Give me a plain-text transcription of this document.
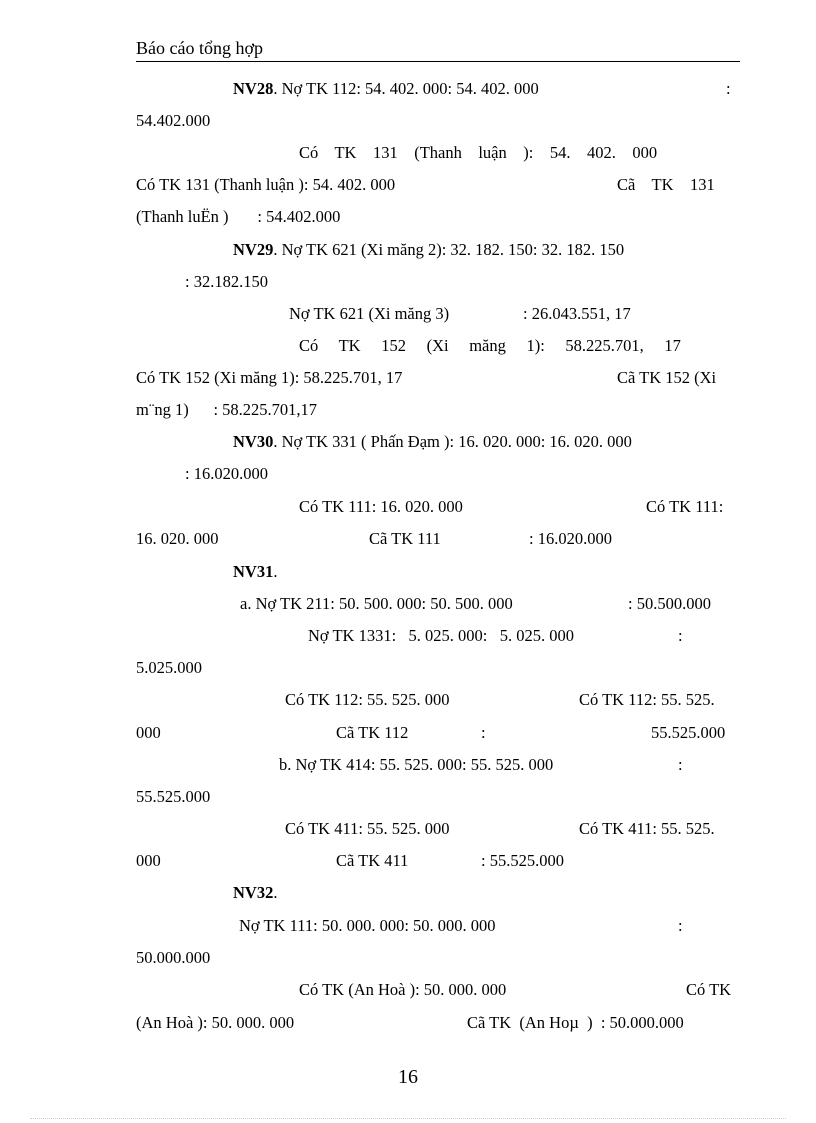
Báo cáo tổng hợp
NV28. Nợ TK 112: 54. 402. 000: 54. 402. 000	:
54.402.000
Có    TK    131    (Thanh    luận    ):    54.    402.    000
Có TK 131 (Thanh luận ): 54. 402. 000	Cã    TK    131
(Thanh luËn )       : 54.402.000
NV29. Nợ TK 621 (Xi măng 2): 32. 182. 150: 32. 182. 150
: 32.182.150
Nợ TK 621 (Xi măng 3)	: 26.043.551, 17
Có     TK     152     (Xi     măng     1):     58.225.701,     17
Có TK 152 (Xi măng 1): 58.225.701, 17	Cã TK 152 (Xi
m¨ng 1)      : 58.225.701,17
NV30. Nợ TK 331 ( Phấn Đạm ): 16. 020. 000: 16. 020. 000
: 16.020.000
Có TK 111: 16. 020. 000	Có TK 111:
16. 020. 000	Cã TK 111	: 16.020.000
NV31.
a. Nợ TK 211: 50. 500. 000: 50. 500. 000	: 50.500.000
Nợ TK 1331:   5. 025. 000:   5. 025. 000	:
5.025.000
Có TK 112: 55. 525. 000	Có TK 112: 55. 525.
000	Cã TK 112	:	55.525.000
b. Nợ TK 414: 55. 525. 000: 55. 525. 000	:
55.525.000
Có TK 411: 55. 525. 000	Có TK 411: 55. 525.
000	Cã TK 411	: 55.525.000
NV32.
Nợ TK 111: 50. 000. 000: 50. 000. 000	:
50.000.000
Có TK (An Hoà ): 50. 000. 000	Có TK
(An Hoà ): 50. 000. 000	Cã TK  (An Hoµ  )  : 50.000.000
16
